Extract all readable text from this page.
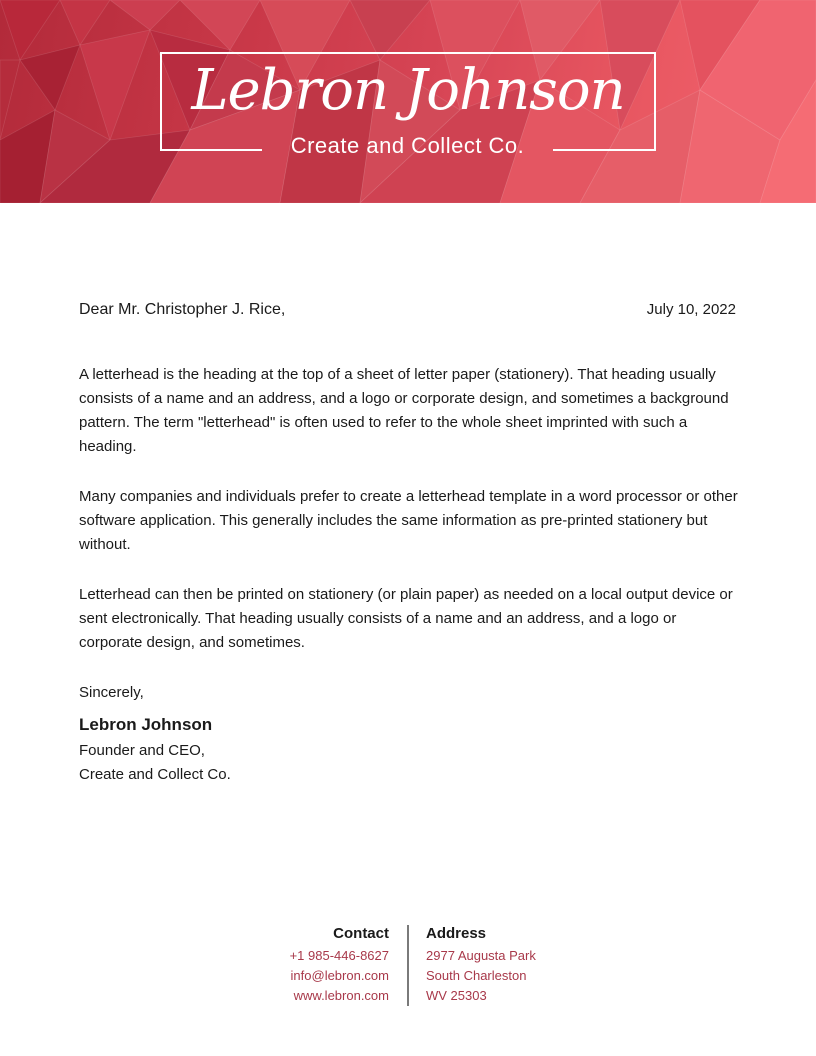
Lebron Johnson
Create and Collect Co.
Dear Mr. Christopher J. Rice,	July 10, 2022

A letterhead is the heading at the top of a sheet of letter paper (stationery). That heading usually consists of a name and an address, and a logo or corporate design, and sometimes a background pattern. The term "letterhead" is often used to refer to the whole sheet imprinted with such a heading.

Many companies and individuals prefer to create a letterhead template in a word processor or other software application. This generally includes the same information as pre-printed stationery but without.

Letterhead can then be printed on stationery (or plain paper) as needed on a local output device or sent electronically. That heading usually consists of a name and an address, and a logo or corporate design, and sometimes.

Sincerely,
Lebron Johnson
Founder and CEO,
Create and Collect Co.
Contact
+1 985-446-8627
info@lebron.com
www.lebron.com
Address
2977 Augusta Park
South Charleston
WV 25303
